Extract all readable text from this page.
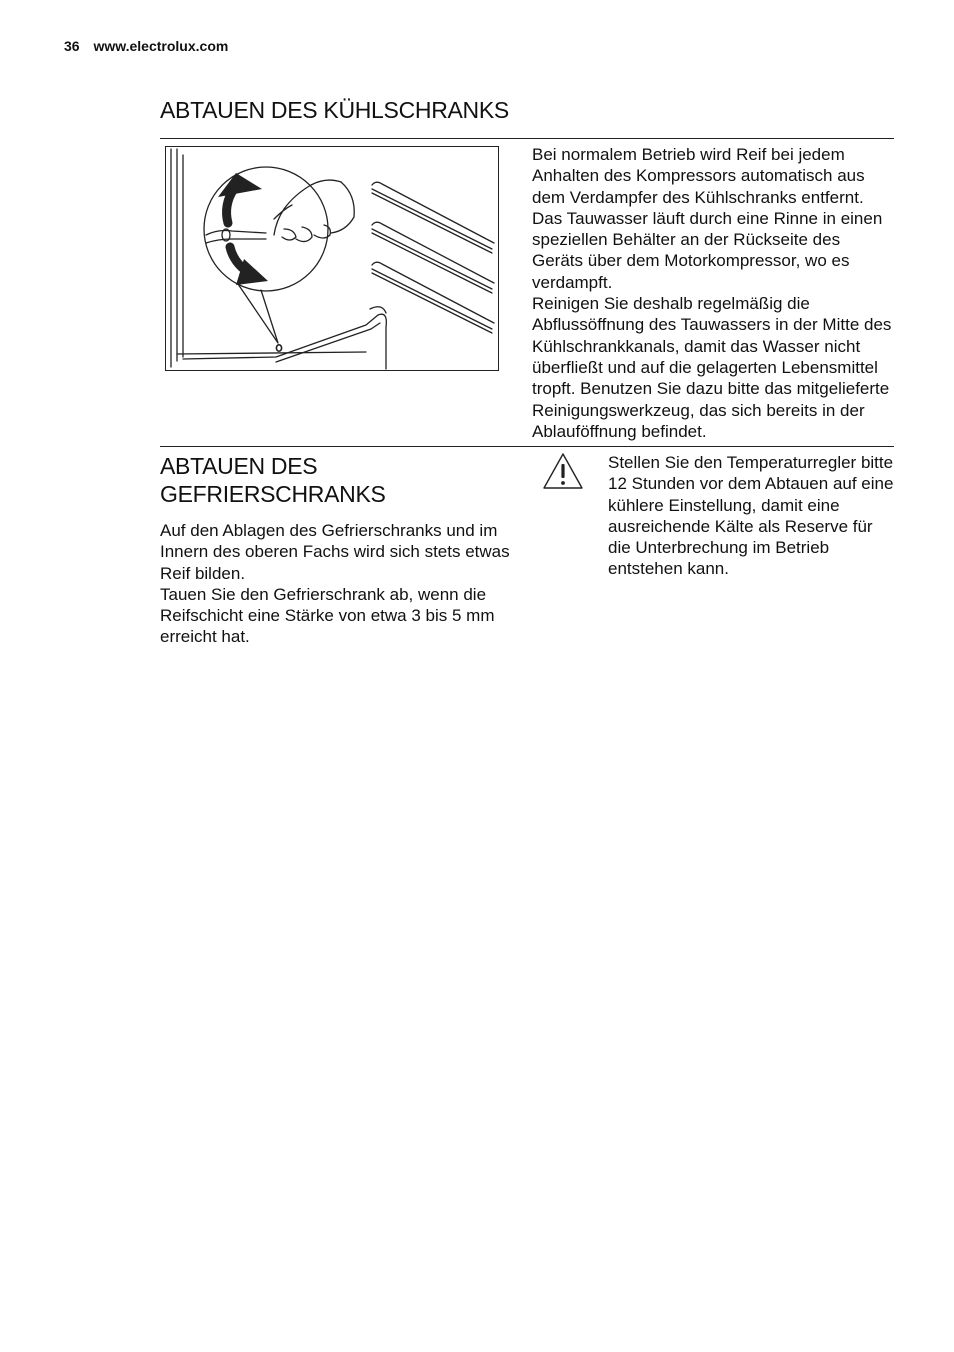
36 www.electrolux.com
ABTAUEN DES KÜHLSCHRANKS

Bei normalem Betrieb wird Reif bei jedem Anhalten des Kompressors automatisch aus dem Verdampfer des Kühlschranks entfernt. Das Tauwasser läuft durch eine Rinne in einen speziellen Behälter an der Rückseite des Geräts über dem Motorkompressor, wo es verdampft.

Reinigen Sie deshalb regelmäßig die Abflussöffnung des Tauwassers in der Mitte des Kühlschrankkanals, damit das Wasser nicht überfließt und auf die gelagerten Lebensmittel tropft. Benutzen Sie dazu bitte das mitgelieferte Reinigungswerkzeug, das sich bereits in der Ablauföffnung befindet.

ABTAUEN DES
GEFRIERSCHRANKS

Auf den Ablagen des Gefrierschranks und im Innern des oberen Fachs wird sich stets etwas Reif bilden.

Tauen Sie den Gefrierschrank ab, wenn die Reifschicht eine Stärke von etwa 3 bis 5 mm erreicht hat.

Stellen Sie den Temperaturregler bitte 12 Stunden vor dem Abtauen auf eine kühlere Einstellung, damit eine ausreichende Kälte als Reserve für die Unterbrechung im Betrieb entstehen kann.
